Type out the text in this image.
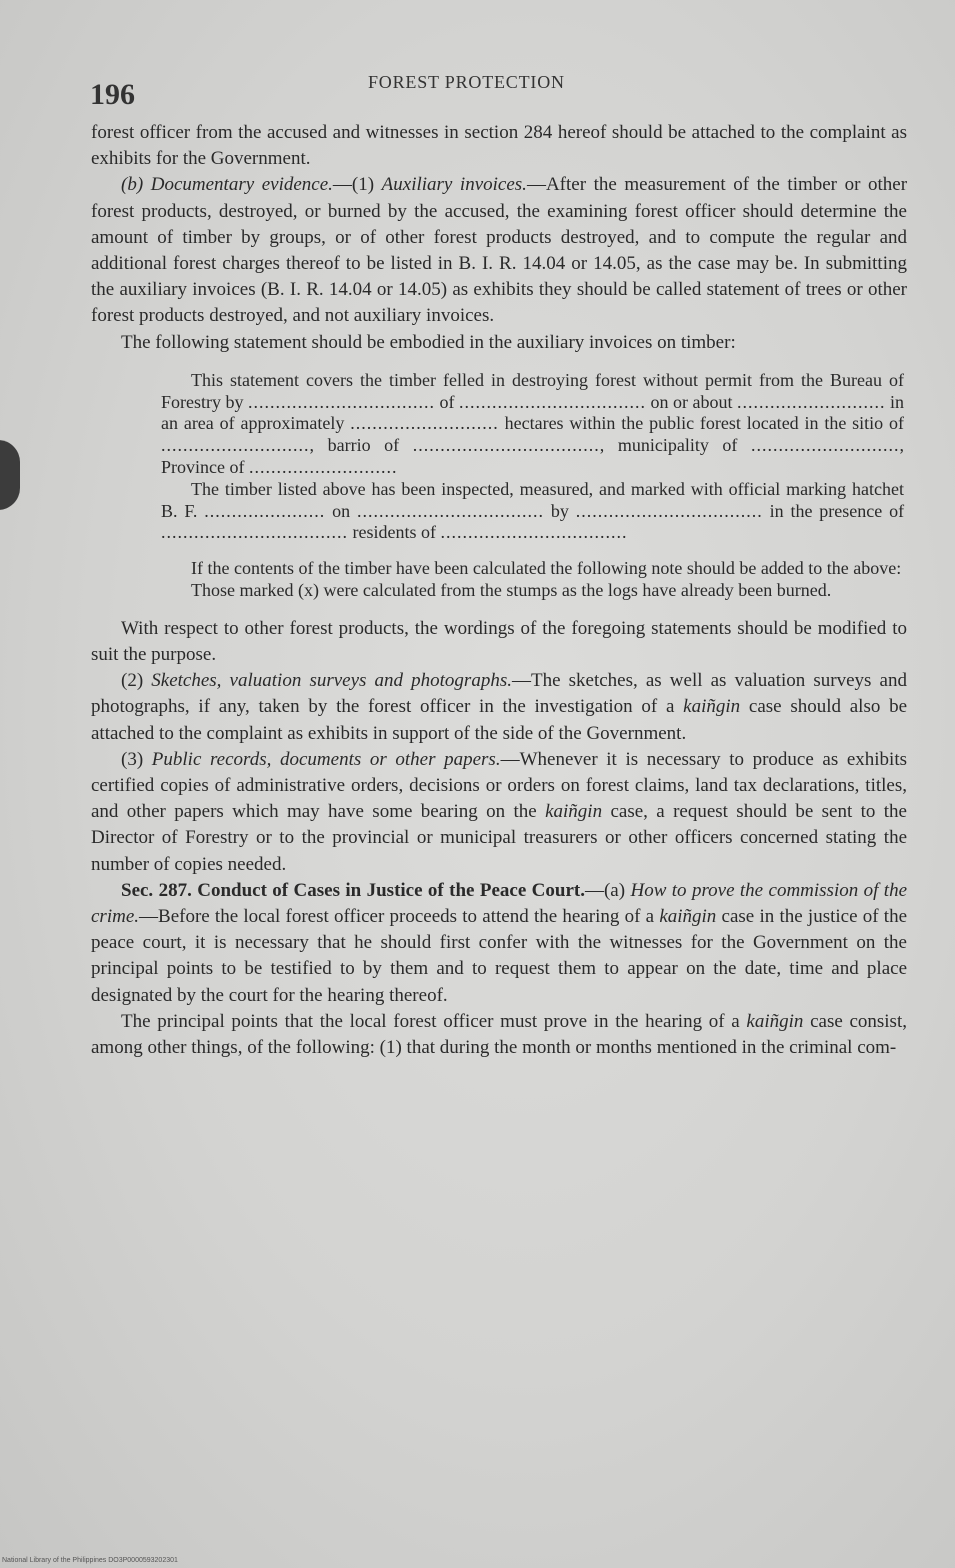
196	FOREST PROTECTION

forest officer from the accused and witnesses in section 284 hereof should be attached to the complaint as exhibits for the Government.

(b) Documentary evidence.—(1) Auxiliary invoices.—After the measurement of the timber or other forest products, destroyed, or burned by the accused, the examining forest officer should determine the amount of timber by groups, or of other forest products destroyed, and to compute the regular and additional forest charges thereof to be listed in B. I. R. 14.04 or 14.05, as the case may be. In submitting the auxiliary invoices (B. I. R. 14.04 or 14.05) as exhibits they should be called statement of trees or other forest products destroyed, and not auxiliary invoices.

The following statement should be embodied in the auxiliary invoices on timber:

This statement covers the timber felled in destroying forest without permit from the Bureau of Forestry by .................................. of .................................. on or about ........................... in an area of approximately ........................... hectares within the public forest located in the sitio of ..........................., barrio of .................................., municipality of ..........................., Province of ...........................

The timber listed above has been inspected, measured, and marked with official marking hatchet B. F. ...................... on .................................. by .................................. in the presence of .................................. residents of ..................................

If the contents of the timber have been calculated the following note should be added to the above:

Those marked (x) were calculated from the stumps as the logs have already been burned.

With respect to other forest products, the wordings of the foregoing statements should be modified to suit the purpose.

(2) Sketches, valuation surveys and photographs.—The sketches, as well as valuation surveys and photographs, if any, taken by the forest officer in the investigation of a kaiñgin case should also be attached to the complaint as exhibits in support of the side of the Government.

(3) Public records, documents or other papers.—Whenever it is necessary to produce as exhibits certified copies of administrative orders, decisions or orders on forest claims, land tax declarations, titles, and other papers which may have some bearing on the kaiñgin case, a request should be sent to the Director of Forestry or to the provincial or municipal treasurers or other officers concerned stating the number of copies needed.

Sec. 287. Conduct of Cases in Justice of the Peace Court.—(a) How to prove the commission of the crime.—Before the local forest officer proceeds to attend the hearing of a kaiñgin case in the justice of the peace court, it is necessary that he should first confer with the witnesses for the Government on the principal points to be testified to by them and to request them to appear on the date, time and place designated by the court for the hearing thereof.

The principal points that the local forest officer must prove in the hearing of a kaiñgin case consist, among other things, of the following: (1) that during the month or months mentioned in the criminal com-

National Library of the Philippines DO3P0000593202301
